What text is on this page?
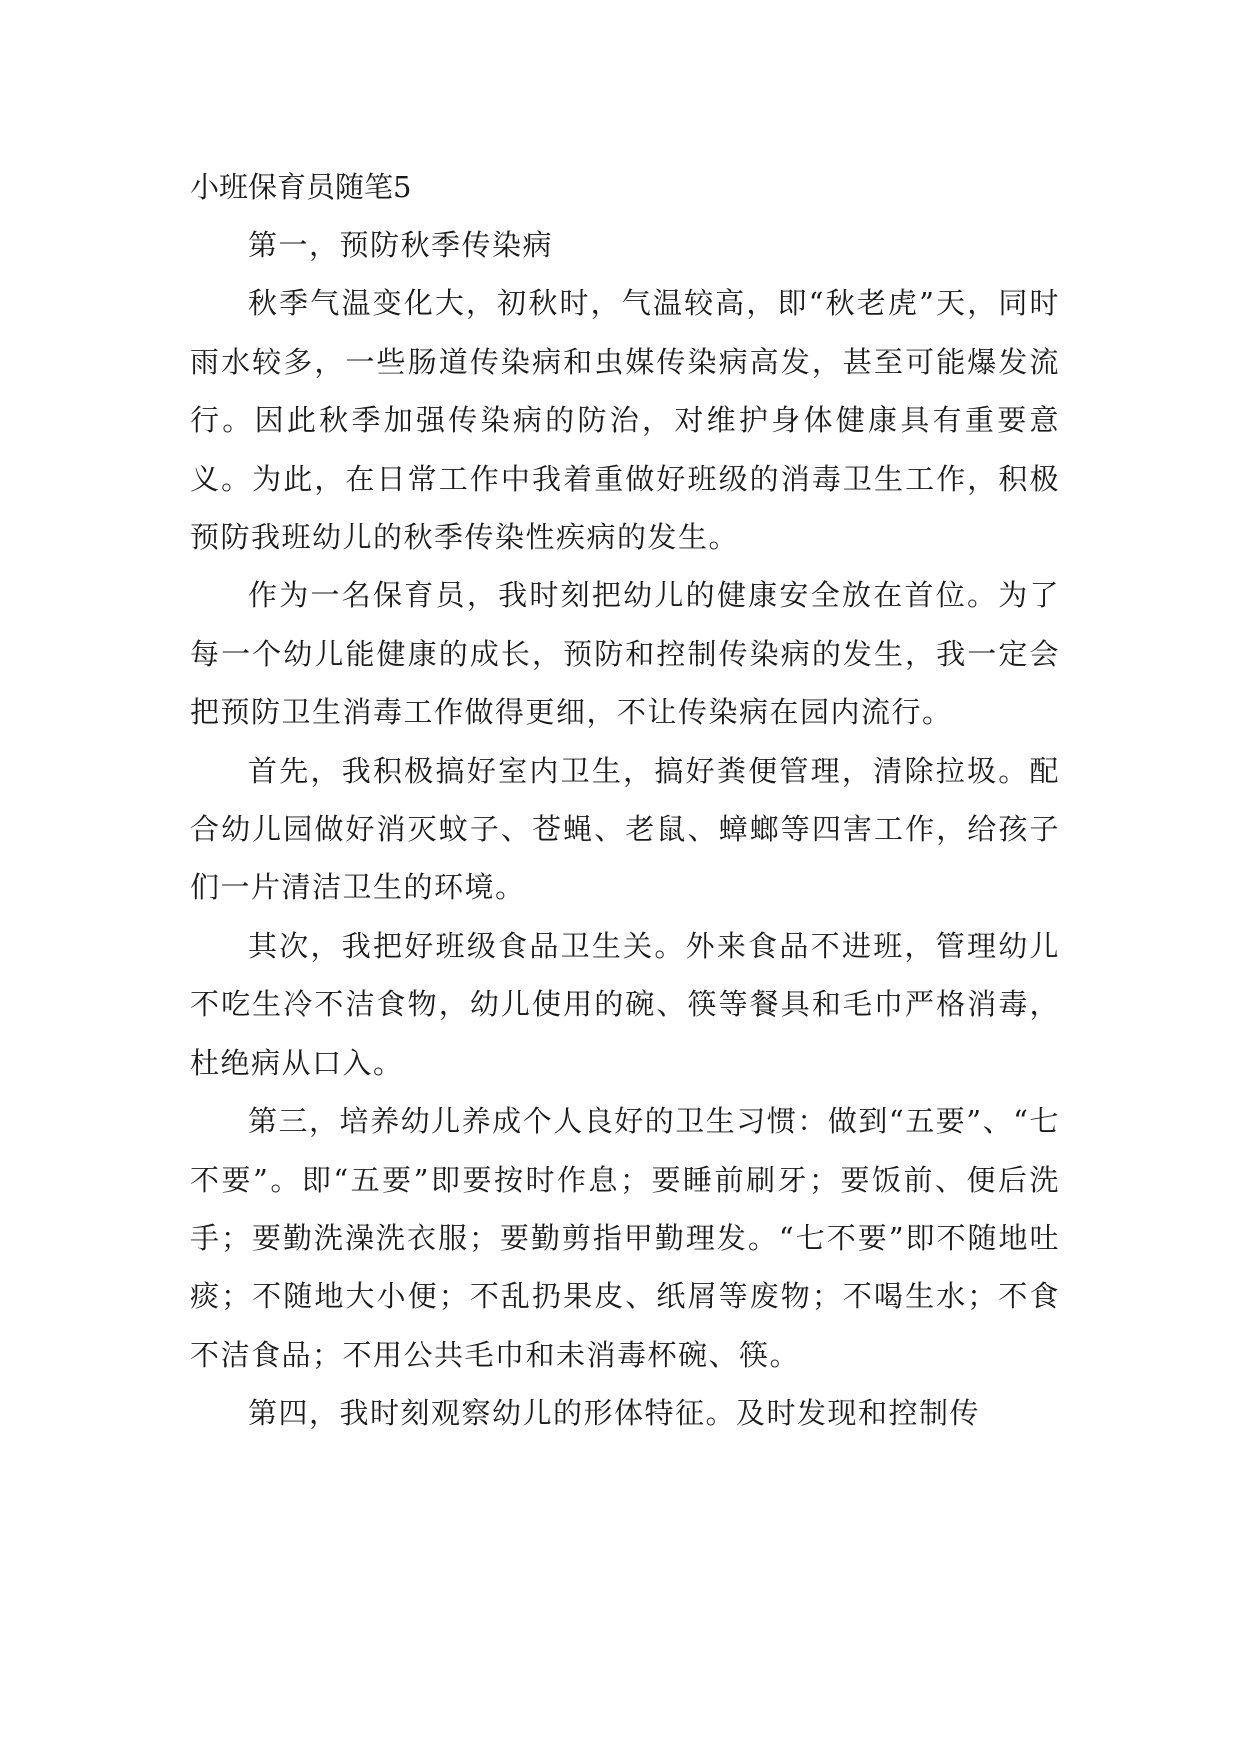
小班保育员随笔5

第一，预防秋季传染病

秋季气温变化大，初秋时，气温较高，即“秋老虎”天，同时雨水较多，一些肠道传染病和虫媒传染病高发，甚至可能爆发流行。因此秋季加强传染病的防治，对维护身体健康具有重要意义。为此，在日常工作中我着重做好班级的消毒卫生工作，积极预防我班幼儿的秋季传染性疾病的发生。

作为一名保育员，我时刻把幼儿的健康安全放在首位。为了每一个幼儿能健康的成长，预防和控制传染病的发生，我一定会把预防卫生消毒工作做得更细，不让传染病在园内流行。

首先，我积极搞好室内卫生，搞好粪便管理，清除拉圾。配合幼儿园做好消灭蚊子、苍蝇、老鼠、蟑螂等四害工作，给孩子们一片清洁卫生的环境。

其次，我把好班级食品卫生关。外来食品不进班，管理幼儿不吃生冷不洁食物，幼儿使用的碗、筷等餐具和毛巾严格消毒，杜绝病从口入。

第三，培养幼儿养成个人良好的卫生习惯：做到“五要”、“七不要”。即“五要”即要按时作息；要睡前刷牙；要饭前、便后洗手；要勤洗澡洗衣服；要勤剪指甲勤理发。“七不要”即不随地吐痰；不随地大小便；不乱扔果皮、纸屑等废物；不喝生水；不食不洁食品；不用公共毛巾和未消毒杯碗、筷。

第四，我时刻观察幼儿的形体特征。及时发现和控制传
